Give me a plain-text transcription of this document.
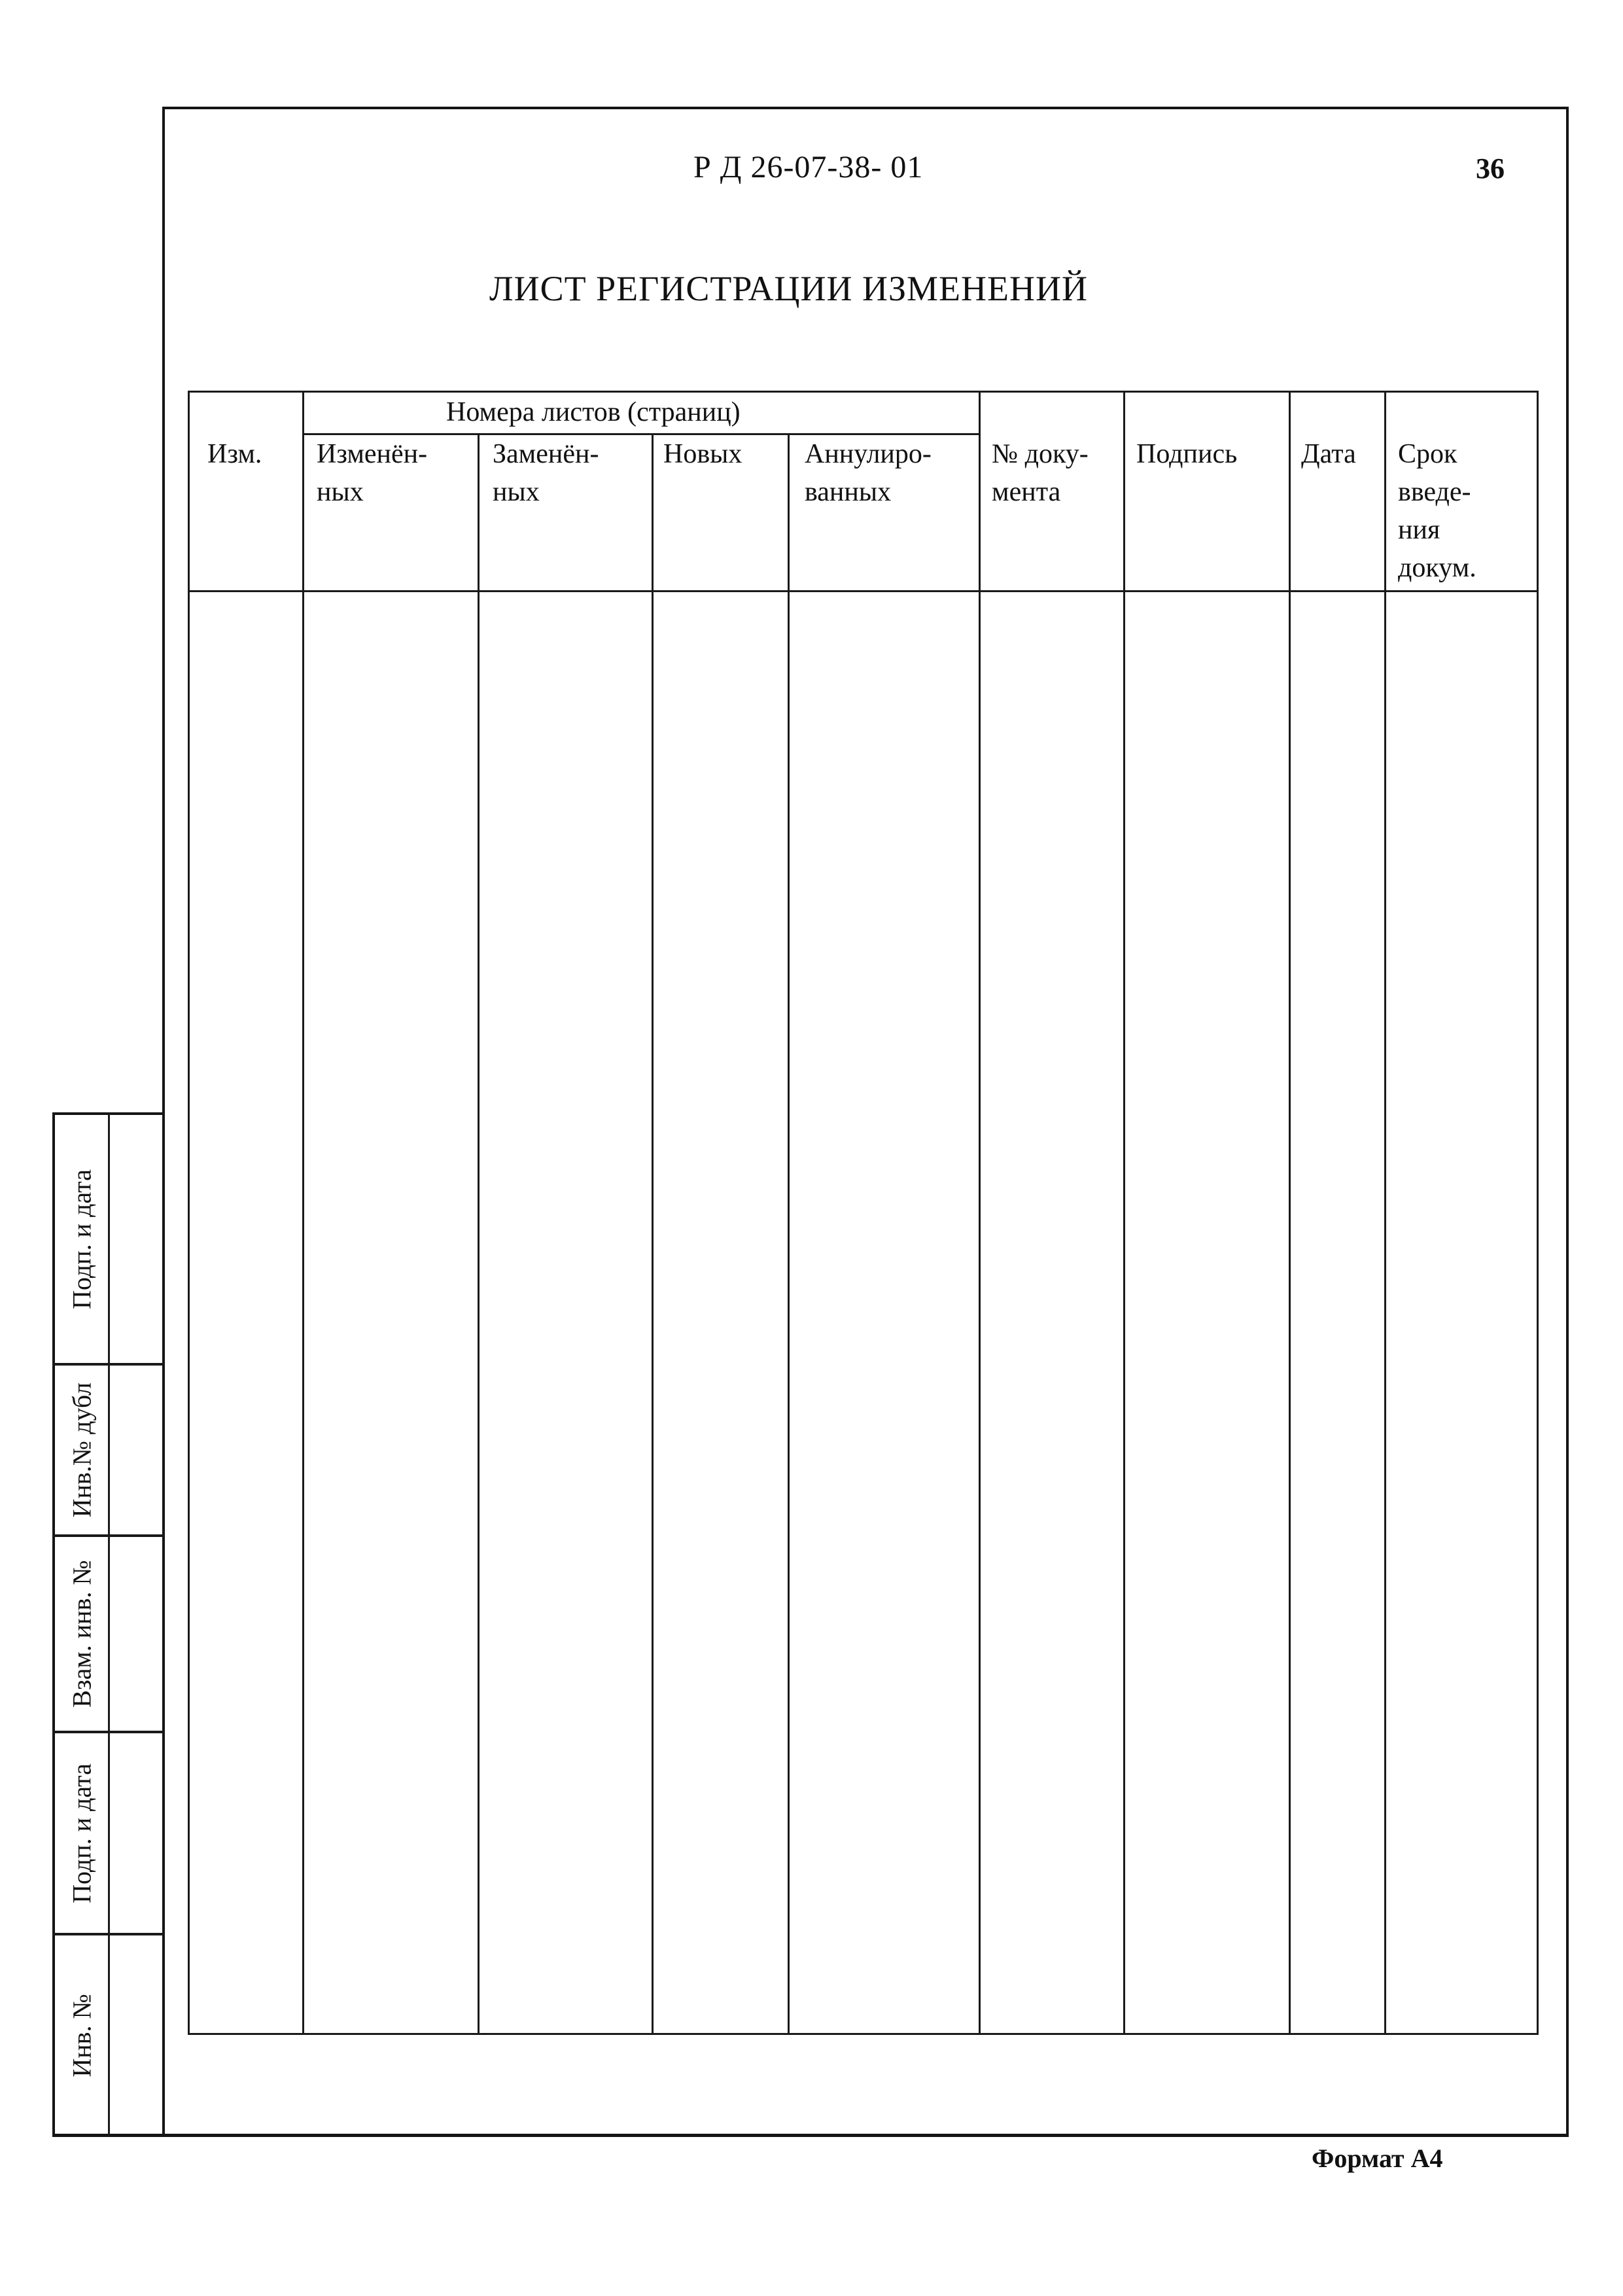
Р Д 26-07-38- 01	36
ЛИСТ РЕГИСТРАЦИИ ИЗМЕНЕНИЙ
Номера листов (страниц)
Изм. Изменён-
ных
Заменён-
ных
Новых Аннулиро-
ванных
№ доку-
мента
Подпись Дата Срок
введе-
ния
докум.
Подп. и дата
Инв.№ дубл
Взам. инв. №
Подп. и дата
Инв. №
Формат А4
